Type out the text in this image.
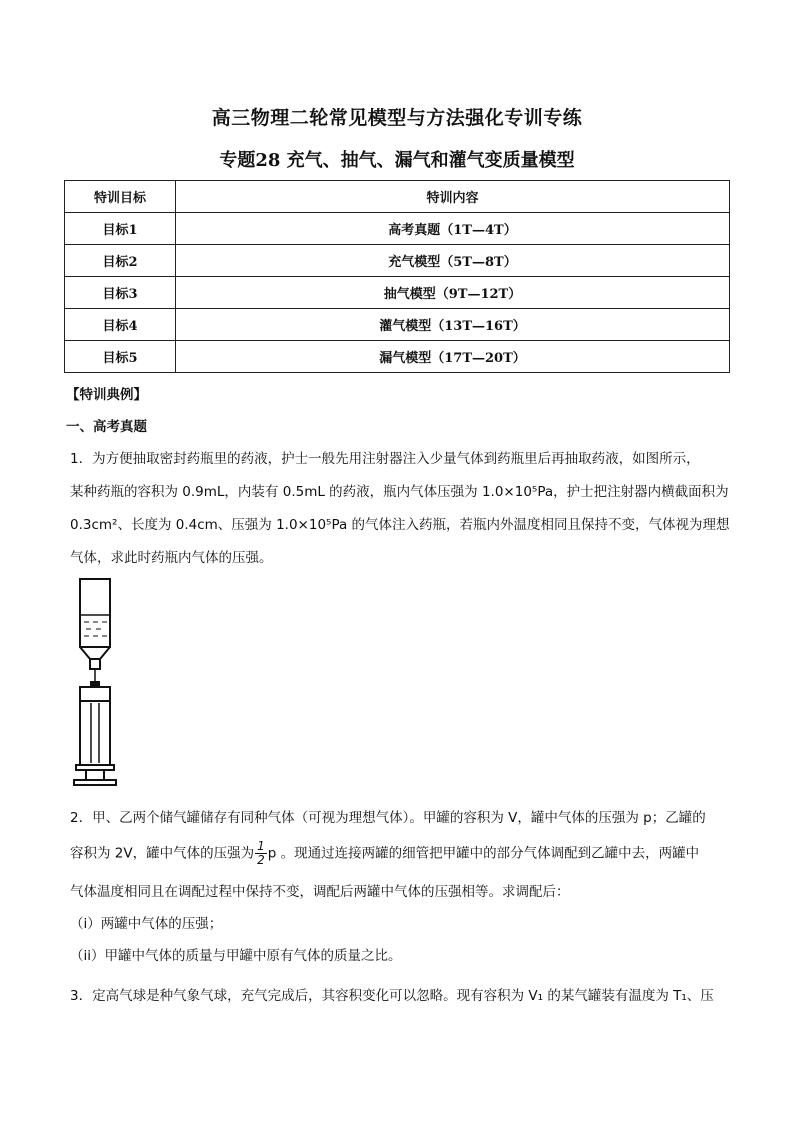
高三物理二轮常见模型与方法强化专训专练
专题28 充气、抽气、漏气和灌气变质量模型
特训目标	特训内容
目标1	高考真题（1T—4T）
目标2	充气模型（5T—8T）
目标3	抽气模型（9T—12T）
目标4	灌气模型（13T—16T）
目标5	漏气模型（17T—20T）
【特训典例】
一、高考真题
1．为方便抽取密封药瓶里的药液，护士一般先用注射器注入少量气体到药瓶里后再抽取药液，如图所示，
某种药瓶的容积为 0.9mL，内装有 0.5mL 的药液，瓶内气体压强为 1.0×10⁵Pa，护士把注射器内横截面积为
0.3cm²、长度为 0.4cm、压强为 1.0×10⁵Pa 的气体注入药瓶，若瓶内外温度相同且保持不变，气体视为理想
气体，求此时药瓶内气体的压强。
2．甲、乙两个储气罐储存有同种气体（可视为理想气体）。甲罐的容积为 V，罐中气体的压强为 p；乙罐的
容积为 2V，罐中气体的压强为 $\frac{1}{2}$ p 。现通过连接两罐的细管把甲罐中的部分气体调配到乙罐中去，两罐中
气体温度相同且在调配过程中保持不变，调配后两罐中气体的压强相等。求调配后：
（i）两罐中气体的压强；
（ii）甲罐中气体的质量与甲罐中原有气体的质量之比。
3．定高气球是种气象气球，充气完成后，其容积变化可以忽略。现有容积为 V₁ 的某气罐装有温度为 T₁、压
